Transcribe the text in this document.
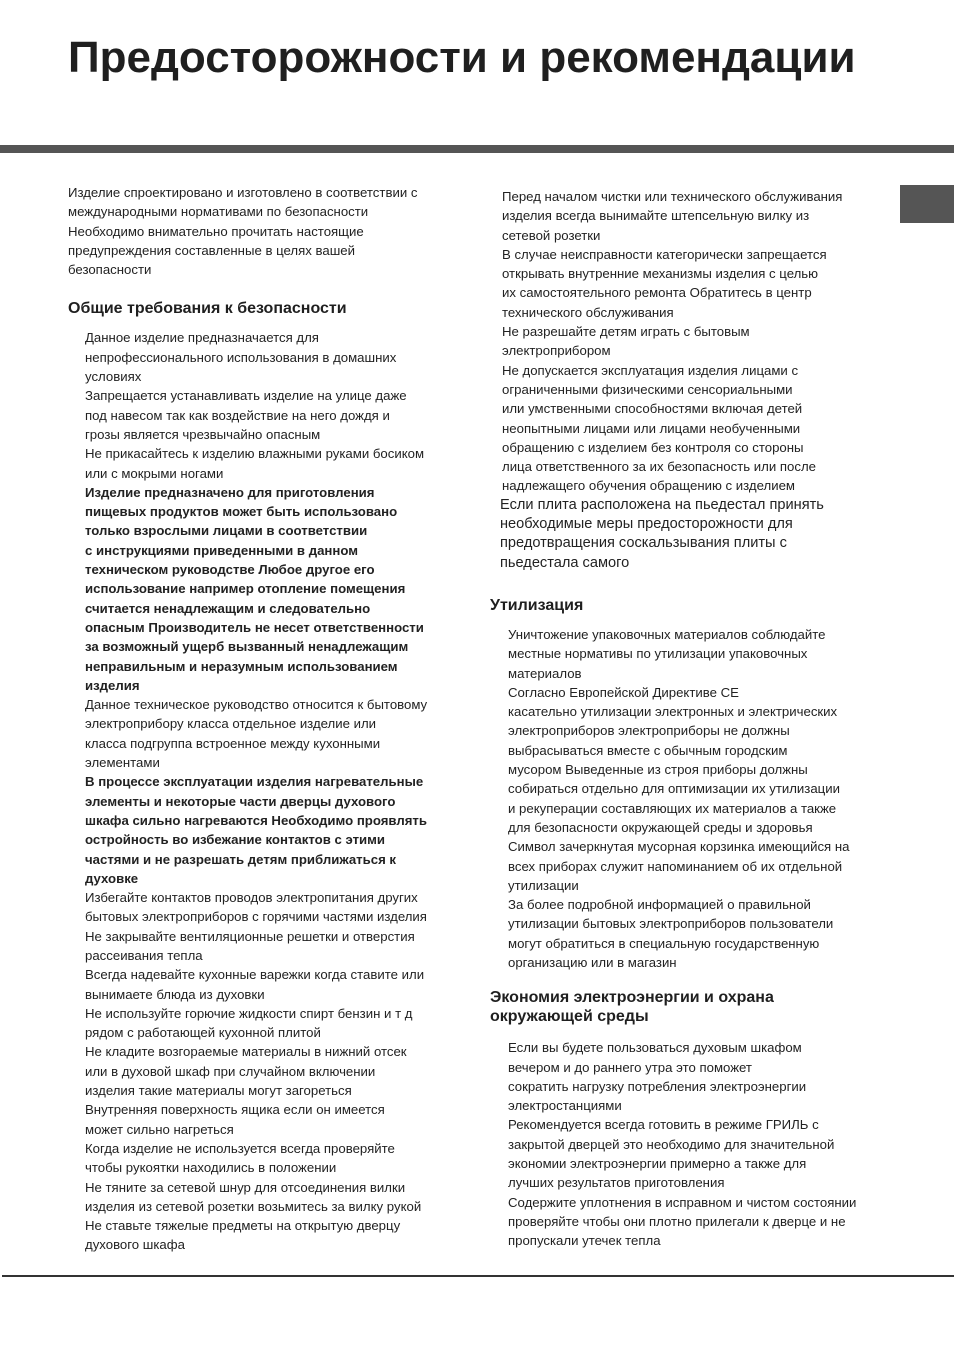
Предосторожности и рекомендации

Изделие спроектировано и изготовлено в соответствии с
международными нормативами по безопасности
Необходимо внимательно прочитать настоящие
предупреждения составленные в целях вашей
безопасности

Общие требования к безопасности

Данное изделие предназначается для
непрофессионального использования в домашних
условиях

Запрещается устанавливать изделие на улице даже
под навесом так как воздействие на него дождя и
грозы является чрезвычайно опасным

Не прикасайтесь к изделию влажными руками босиком
или с мокрыми ногами

Изделие предназначено для приготовления
пищевых продуктов может быть использовано
только взрослыми лицами в соответствии
с инструкциями приведенными в данном
техническом руководстве Любое другое его
использование например отопление помещения
считается ненадлежащим и следовательно
опасным Производитель не несет ответственности
за возможный ущерб вызванный ненадлежащим
неправильным и неразумным использованием
изделия

Данное техническое руководство относится к бытовому
электроприбору класса отдельное изделие или
класса подгруппа встроенное между кухонными
элементами

В процессе эксплуатации изделия нагревательные
элементы и некоторые части дверцы духового
шкафа сильно нагреваются Необходимо проявлять
остройность во избежание контактов с этими
частями и не разрешать детям приближаться к
духовке

Избегайте контактов проводов электропитания других
бытовых электроприборов с горячими частями изделия

Не закрывайте вентиляционные решетки и отверстия
рассеивания тепла

Всегда надевайте кухонные варежки когда ставите или
вынимаете блюда из духовки

Не используйте горючие жидкости спирт бензин и т д
рядом с работающей кухонной плитой

Не кладите возгораемые материалы в нижний отсек
или в духовой шкаф при случайном включении
изделия такие материалы могут загореться

Внутренняя поверхность ящика если он имеется
может сильно нагреться

Когда изделие не используется всегда проверяйте
чтобы рукоятки находились в положении

Не тяните за сетевой шнур для отсоединения вилки
изделия из сетевой розетки возьмитесь за вилку рукой

Не ставьте тяжелые предметы на открытую дверцу
духового шкафа

Перед началом чистки или технического обслуживания
изделия всегда вынимайте штепсельную вилку из
сетевой розетки

В случае неисправности категорически запрещается
открывать внутренние механизмы изделия с целью
их самостоятельного ремонта Обратитесь в центр
технического обслуживания

Не разрешайте детям играть с бытовым
электроприбором

Не допускается эксплуатация изделия лицами с
ограниченными физическими сенсориальными
или умственными способностями включая детей
неопытными лицами или лицами необученными
обращению с изделием без контроля со стороны
лица ответственного за их безопасность или после
надлежащего обучения обращению с изделием

Если плита расположена на пьедестал принять
необходимые меры предосторожности для
предотвращения соскальзывания плиты с
пьедестала самого

Утилизация

Уничтожение упаковочных материалов соблюдайте
местные нормативы по утилизации упаковочных
материалов

Согласно Европейской Директиве CE
касательно утилизации электронных и электрических
электроприборов электроприборы не должны
выбрасываться вместе с обычным городским
мусором Выведенные из строя приборы должны
собираться отдельно для оптимизации их утилизации
и рекуперации составляющих их материалов а также
для безопасности окружающей среды и здоровья

Символ зачеркнутая мусорная корзинка имеющийся на
всех приборах служит напоминанием об их отдельной
утилизации

За более подробной информацией о правильной
утилизации бытовых электроприборов пользователи
могут обратиться в специальную государственную
организацию или в магазин

Экономия электроэнергии и охрана
окружающей среды

Если вы будете пользоваться духовым шкафом
вечером и до раннего утра это поможет
сократить нагрузку потребления электроэнергии
электростанциями

Рекомендуется всегда готовить в режиме ГРИЛЬ с
закрытой дверцей это необходимо для значительной
экономии электроэнергии примерно а также для
лучших результатов приготовления

Содержите уплотнения в исправном и чистом состоянии
проверяйте чтобы они плотно прилегали к дверце и не
пропускали утечек тепла
